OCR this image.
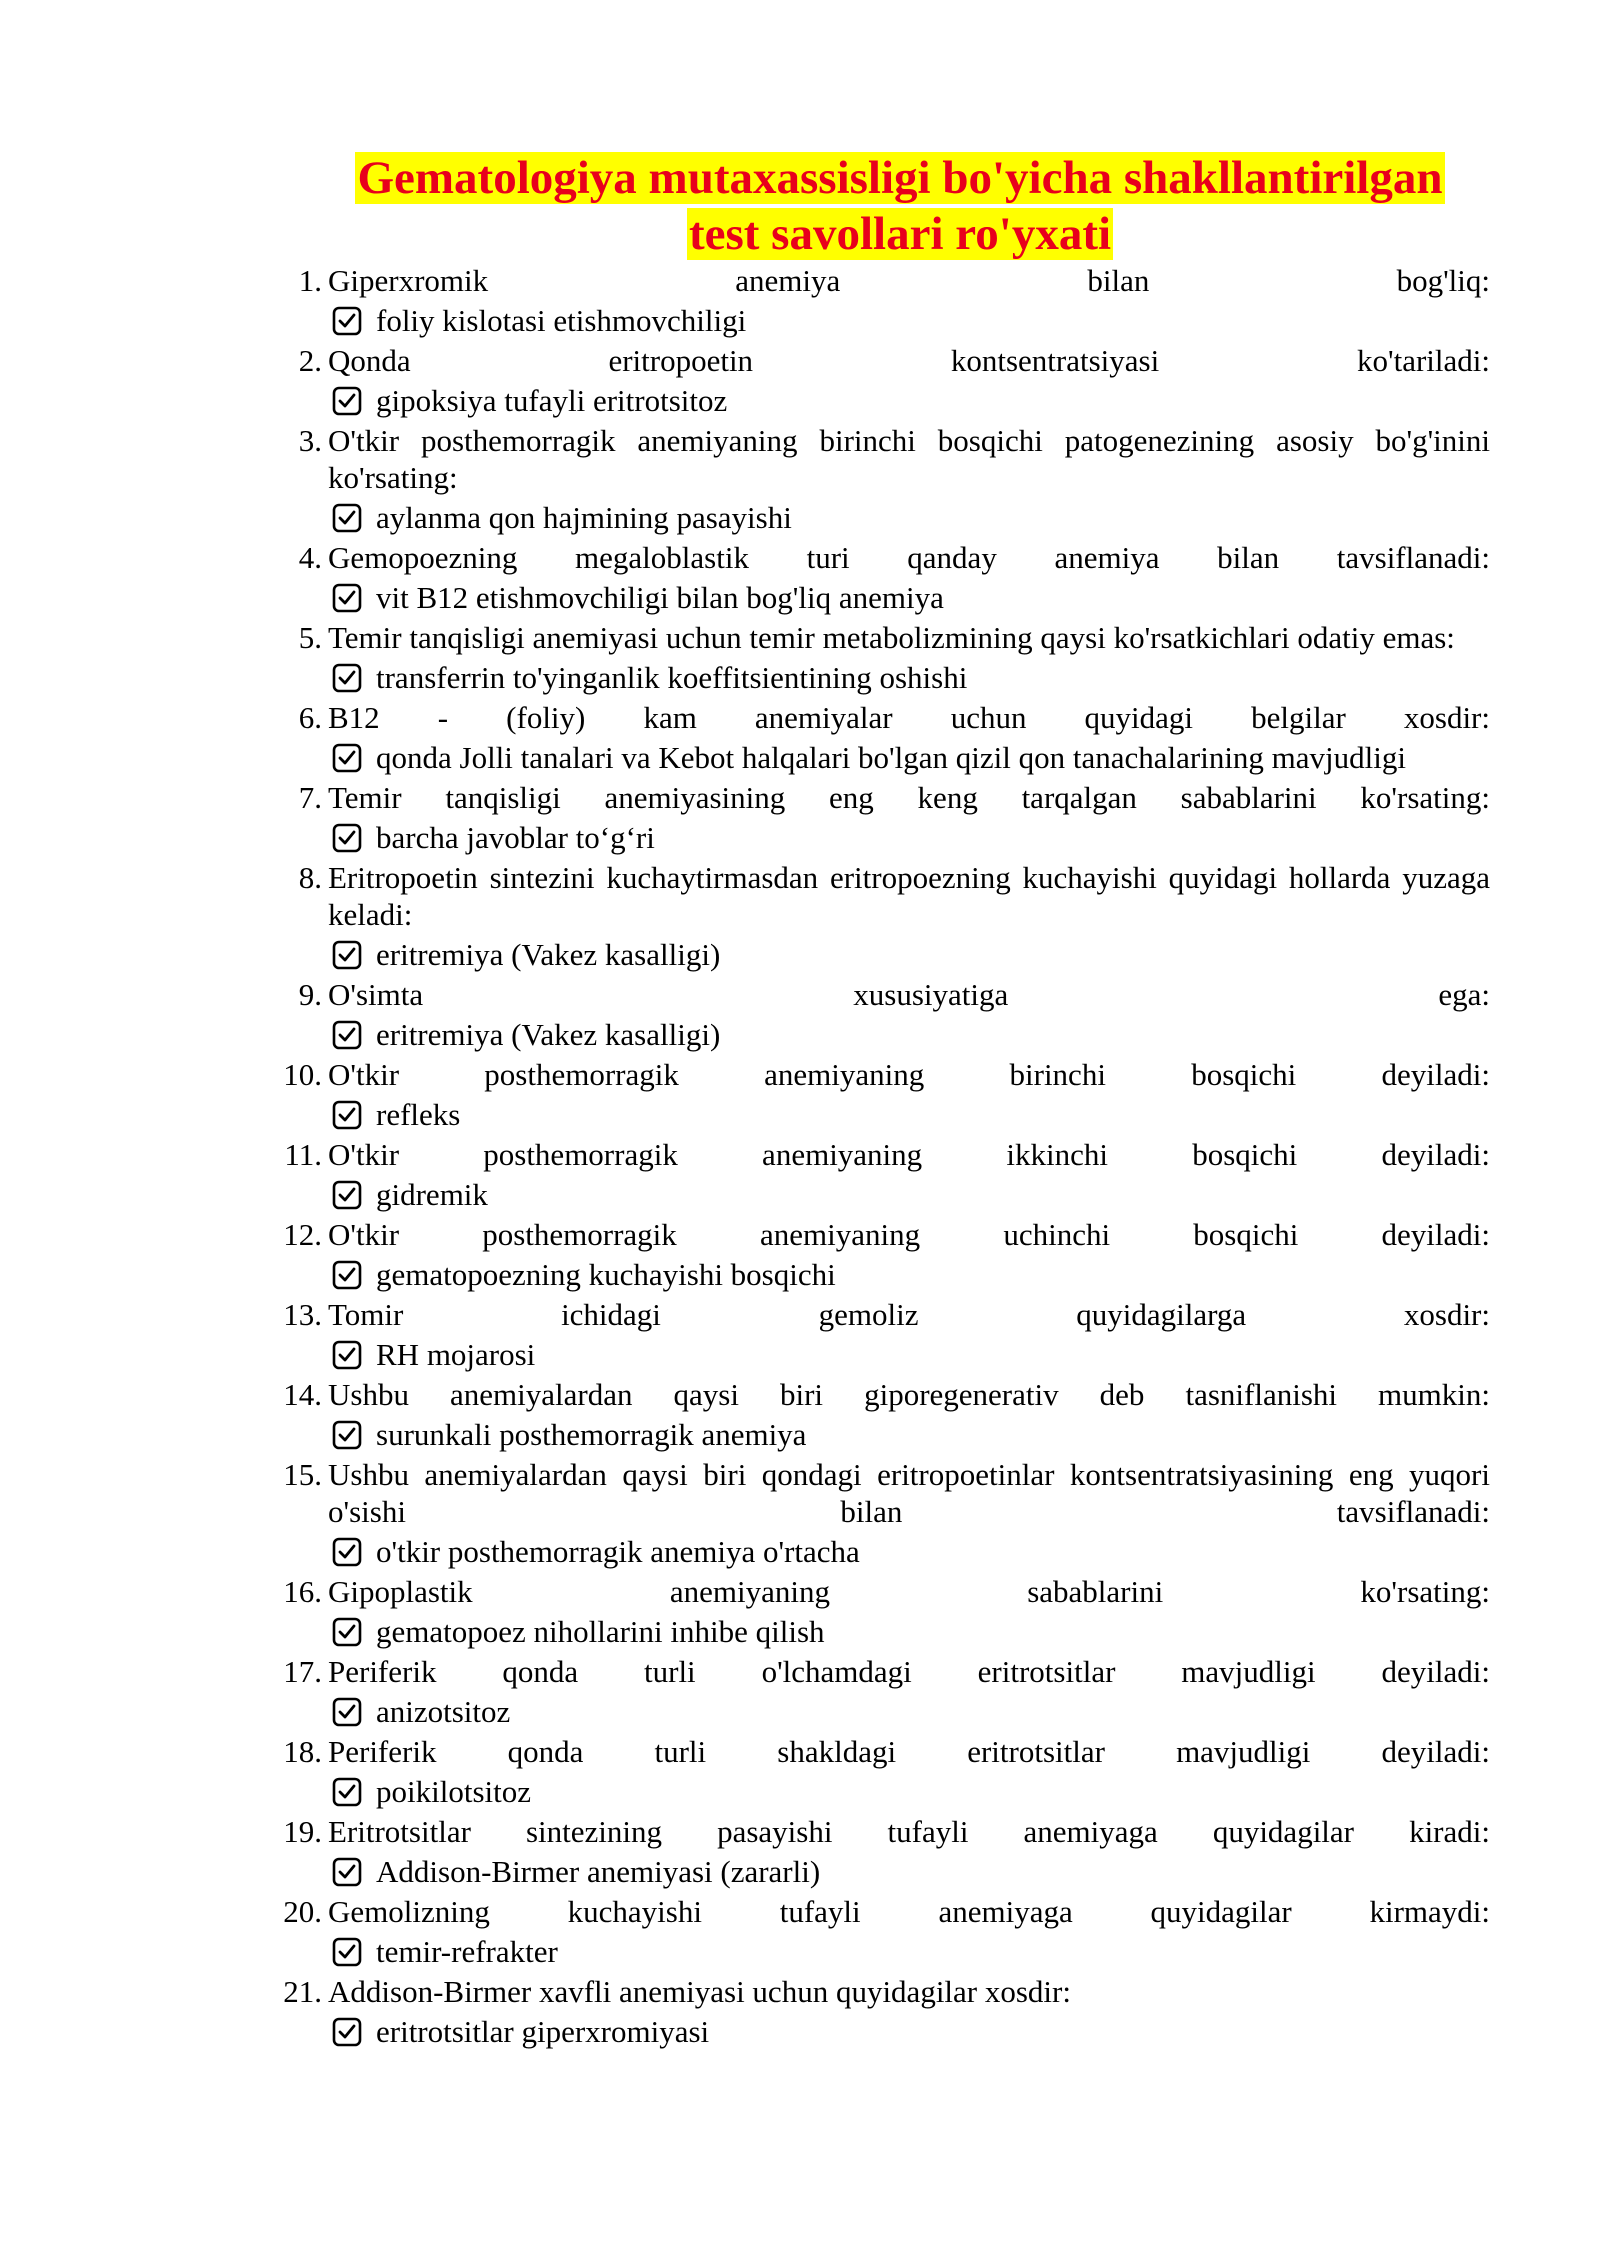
Gematologiya mutaxassisligi bo'yicha shakllantirilgan
test savollari ro'yxati
1. Giperxromik anemiya bilan bog'liq:
foliy kislotasi etishmovchiligi
2. Qonda eritropoetin kontsentratsiyasi ko'tariladi:
gipoksiya tufayli eritrotsitoz
3. O'tkir posthemorragik anemiyaning birinchi bosqichi patogenezining asosiy bo'g'inini ko'rsating:
aylanma qon hajmining pasayishi
4. Gemopoezning megaloblastik turi qanday anemiya bilan tavsiflanadi:
vit B12 etishmovchiligi bilan bog'liq anemiya
5. Temir tanqisligi anemiyasi uchun temir metabolizmining qaysi ko'rsatkichlari odatiy emas:
transferrin to'yinganlik koeffitsientining oshishi
6. B12 - (foliy) kam anemiyalar uchun quyidagi belgilar xosdir:
qonda Jolli tanalari va Kebot halqalari bo'lgan qizil qon tanachalarining mavjudligi
7. Temir tanqisligi anemiyasining eng keng tarqalgan sabablarini ko'rsating:
barcha javoblar to‘g‘ri
8. Eritropoetin sintezini kuchaytirmasdan eritropoezning kuchayishi quyidagi hollarda yuzaga keladi:
eritremiya (Vakez kasalligi)
9. O'simta xususiyatiga ega:
eritremiya (Vakez kasalligi)
10. O'tkir posthemorragik anemiyaning birinchi bosqichi deyiladi:
refleks
11. O'tkir posthemorragik anemiyaning ikkinchi bosqichi deyiladi:
gidremik
12. O'tkir posthemorragik anemiyaning uchinchi bosqichi deyiladi:
gematopoezning kuchayishi bosqichi
13. Tomir ichidagi gemoliz quyidagilarga xosdir:
RH mojarosi
14. Ushbu anemiyalardan qaysi biri giporegenerativ deb tasniflanishi mumkin:
surunkali posthemorragik anemiya
15. Ushbu anemiyalardan qaysi biri qondagi eritropoetinlar kontsentratsiyasining eng yuqori o'sishi bilan tavsiflanadi:
o'tkir posthemorragik anemiya o'rtacha
16. Gipoplastik anemiyaning sabablarini ko'rsating:
gematopoez nihollarini inhibe qilish
17. Periferik qonda turli o'lchamdagi eritrotsitlar mavjudligi deyiladi:
anizotsitoz
18. Periferik qonda turli shakldagi eritrotsitlar mavjudligi deyiladi:
poikilotsitoz
19. Eritrotsitlar sintezining pasayishi tufayli anemiyaga quyidagilar kiradi:
Addison-Birmer anemiyasi (zararli)
20. Gemolizning kuchayishi tufayli anemiyaga quyidagilar kirmaydi:
temir-refrakter
21. Addison-Birmer xavfli anemiyasi uchun quyidagilar xosdir:
eritrotsitlar giperxromiyasi
